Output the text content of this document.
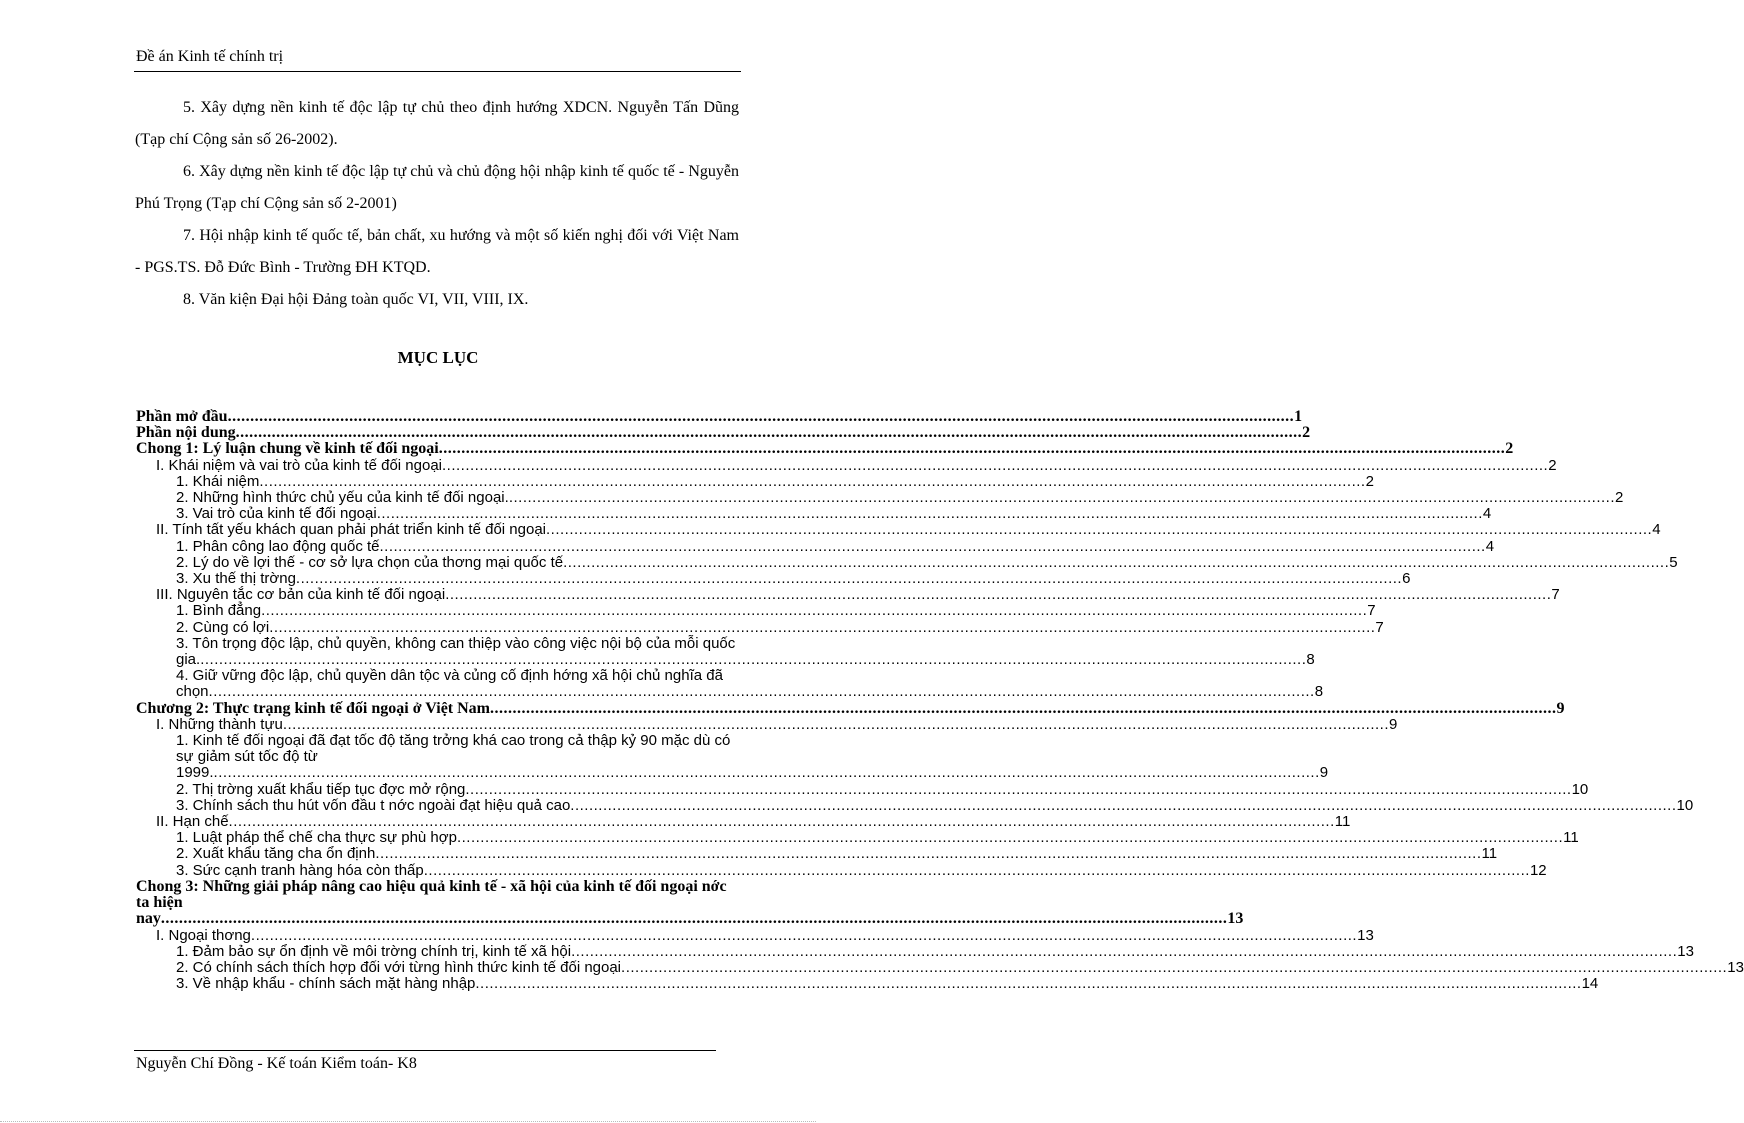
Đề án Kinh tế chính trị

5. Xây dựng nền kinh tế độc lập tự chủ theo định hướng XDCN. Nguyễn Tấn Dũng (Tạp chí Cộng sản số 26-2002).

6. Xây dựng nền kinh tế độc lập tự chủ và chủ động hội nhập kinh tế quốc tế - Nguyễn Phú Trọng (Tạp chí Cộng sản số 2-2001)

7. Hội nhập kinh tế quốc tế, bản chất, xu hướng và một số kiến nghị đối với Việt Nam - PGS.TS. Đỗ Đức Bình - Trường ĐH KTQD.

8. Văn kiện Đại hội Đảng toàn quốc VI, VII, VIII, IX.

MỤC LỤC
Phần mở đầu .....	1
Phần nội dung .....	2
Chong 1: Lý luận chung về kinh tế đối ngoại .....	2
I. Khái niệm và vai trò của kinh tế đối ngoại .....	2
1. Khái niệm .....	2
2. Những hình thức chủ yếu của kinh tế đối ngoại. .....	2
3. Vai trò của kinh tế đối ngoại .....	4
II. Tính tất yếu khách quan phải phát triển kinh tế đối ngoại .....	4
1. Phân công lao động quốc tế .....	4
2. Lý do về lợi thế - cơ sở lựa chọn của thơng mại quốc tế .....	5
3. Xu thế thị trờng .....	6
III. Nguyên tắc cơ bản của kinh tế đối ngoại .....	7
1. Bình đẳng .....	7
2. Cùng có lợi .....	7
3. Tôn trọng độc lập, chủ quyền, không can thiệp vào công việc nội bộ của mỗi quốc gia. .....	8
4. Giữ vững độc lập, chủ quyền dân tộc và củng cố định hớng xã hội chủ nghĩa đã chọn .....	8
Chương 2: Thực trạng kinh tế đối ngoại ở Việt Nam .....	9
I. Những thành tựu .....	9
1. Kinh tế đối ngoại đã đạt tốc độ tăng trởng khá cao trong cả thập kỷ 90 mặc dù có sự giảm sút tốc độ từ 1999. .....	9
2. Thị trờng xuất khẩu tiếp tục đợc mở rộng .....	10
3. Chính sách thu hút vốn đầu t nớc ngoài đạt hiệu quả cao .....	10
II. Hạn chế .....	11
1. Luật pháp thể chế cha thực sự phù hợp .....	11
2. Xuất khẩu tăng cha ổn định .....	11
3. Sức cạnh tranh hàng hóa còn thấp .....	12
Chong 3: Những giải pháp nâng cao hiệu quả kinh tế - xã hội của kinh tế đối ngoại nớc ta hiện nay .....	13
I. Ngoại thơng .....	13
1. Đảm bảo sự ổn định về môi trờng chính trị, kinh tế xã hội .....	13
2. Có chính sách thích hợp đối với từng hình thức kinh tế đối ngoại .....	13
3. Về nhập khẩu - chính sách mặt hàng nhập .....	14
Nguyễn Chí Đồng - Kế toán Kiểm toán- K8
